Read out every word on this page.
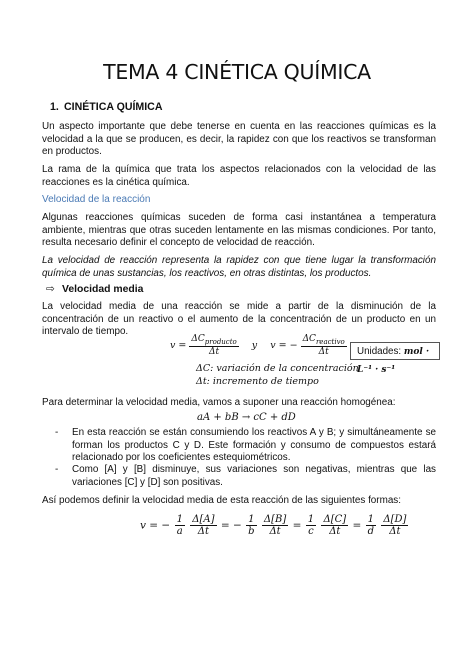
TEMA 4 CINÉTICA QUÍMICA
1. CINÉTICA QUÍMICA
Un aspecto importante que debe tenerse en cuenta en las reacciones químicas es la velocidad a la que se producen, es decir, la rapidez con que los reactivos se transforman en productos.
La rama de la química que trata los aspectos relacionados con la velocidad de las reacciones es la cinética química.
Velocidad de la reacción
Algunas reacciones químicas suceden de forma casi instantánea a temperatura ambiente, mientras que otras suceden lentamente en las mismas condiciones. Por tanto, resulta necesario definir el concepto de velocidad de reacción.
La velocidad de reacción representa la rapidez con que tiene lugar la transformación química de unas sustancias, los reactivos, en otras distintas, los productos.
⇨ Velocidad media
La velocidad media de una reacción se mide a partir de la disminución de la concentración de un reactivo o el aumento de la concentración de un producto en un intervalo de tiempo.
$v = \frac{\Delta C_{producto}}{\Delta t}$ y v = − $\frac{\Delta C_{reactivo}}{\Delta t}$	Unidades: mol · L⁻¹ · s⁻¹
ΔC: variación de la concentración
Δt: incremento de tiempo
Para determinar la velocidad media, vamos a suponer una reacción homogénea:
aA + bB → cC + dD
- En esta reacción se están consumiendo los reactivos A y B; y simultáneamente se forman los productos C y D. Este formación y consumo de compuestos estará relacionado por los coeficientes estequiométricos.
- Como [A] y [B] disminuye, sus variaciones son negativas, mientras que las variaciones [C] y [D] son positivas.
Así podemos definir la velocidad media de esta reacción de las siguientes formas:
v = − $\frac{1}{a}$
$\frac{\Delta[A]}{\Delta t}$ = − $\frac{1}{b}$
$\frac{\Delta[B]}{\Delta t} = \frac{1}{c}$
$\frac{\Delta[C]}{\Delta t} = \frac{1}{d}$
$\frac{\Delta[D]}{\Delta t}$
